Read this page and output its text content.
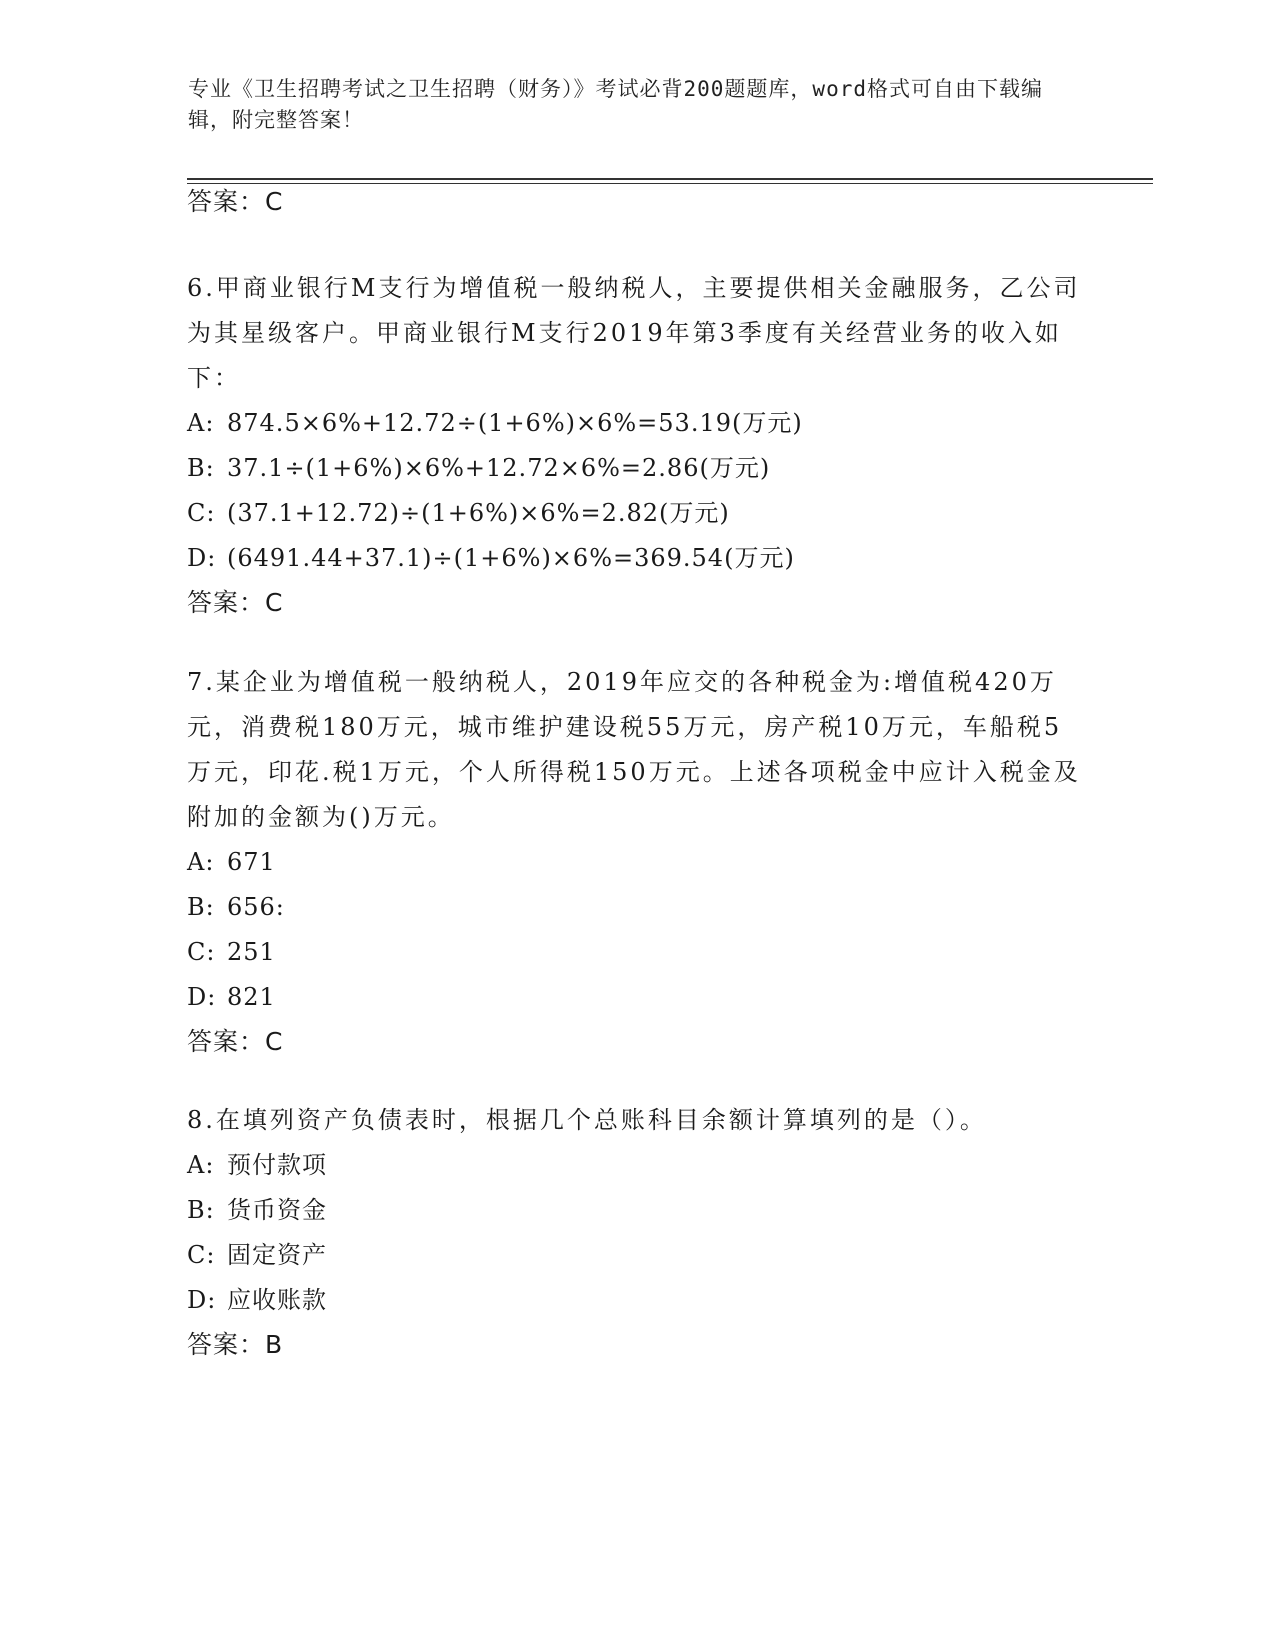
专业《卫生招聘考试之卫生招聘（财务）》考试必背200题题库，word格式可自由下载编辑，附完整答案！
答案：C
6.甲商业银行M支行为增值税一般纳税人，主要提供相关金融服务，乙公司为其星级客户。甲商业银行M支行2019年第3季度有关经营业务的收入如下：
A: 874.5×6%+12.72÷(1+6%)×6%=53.19(万元)
B: 37.1÷(1+6%)×6%+12.72×6%=2.86(万元)
C: (37.1+12.72)÷(1+6%)×6%=2.82(万元)
D: (6491.44+37.1)÷(1+6%)×6%=369.54(万元)
答案：C
7.某企业为增值税一般纳税人，2019年应交的各种税金为:增值税420万元，消费税180万元，城市维护建设税55万元，房产税10万元，车船税5万元，印花.税1万元，个人所得税150万元。上述各项税金中应计入税金及附加的金额为()万元。
A: 671
B: 656:
C: 251
D: 821
答案：C
8.在填列资产负债表时，根据几个总账科目余额计算填列的是（）。
A: 预付款项
B: 货币资金
C: 固定资产
D: 应收账款
答案：B
